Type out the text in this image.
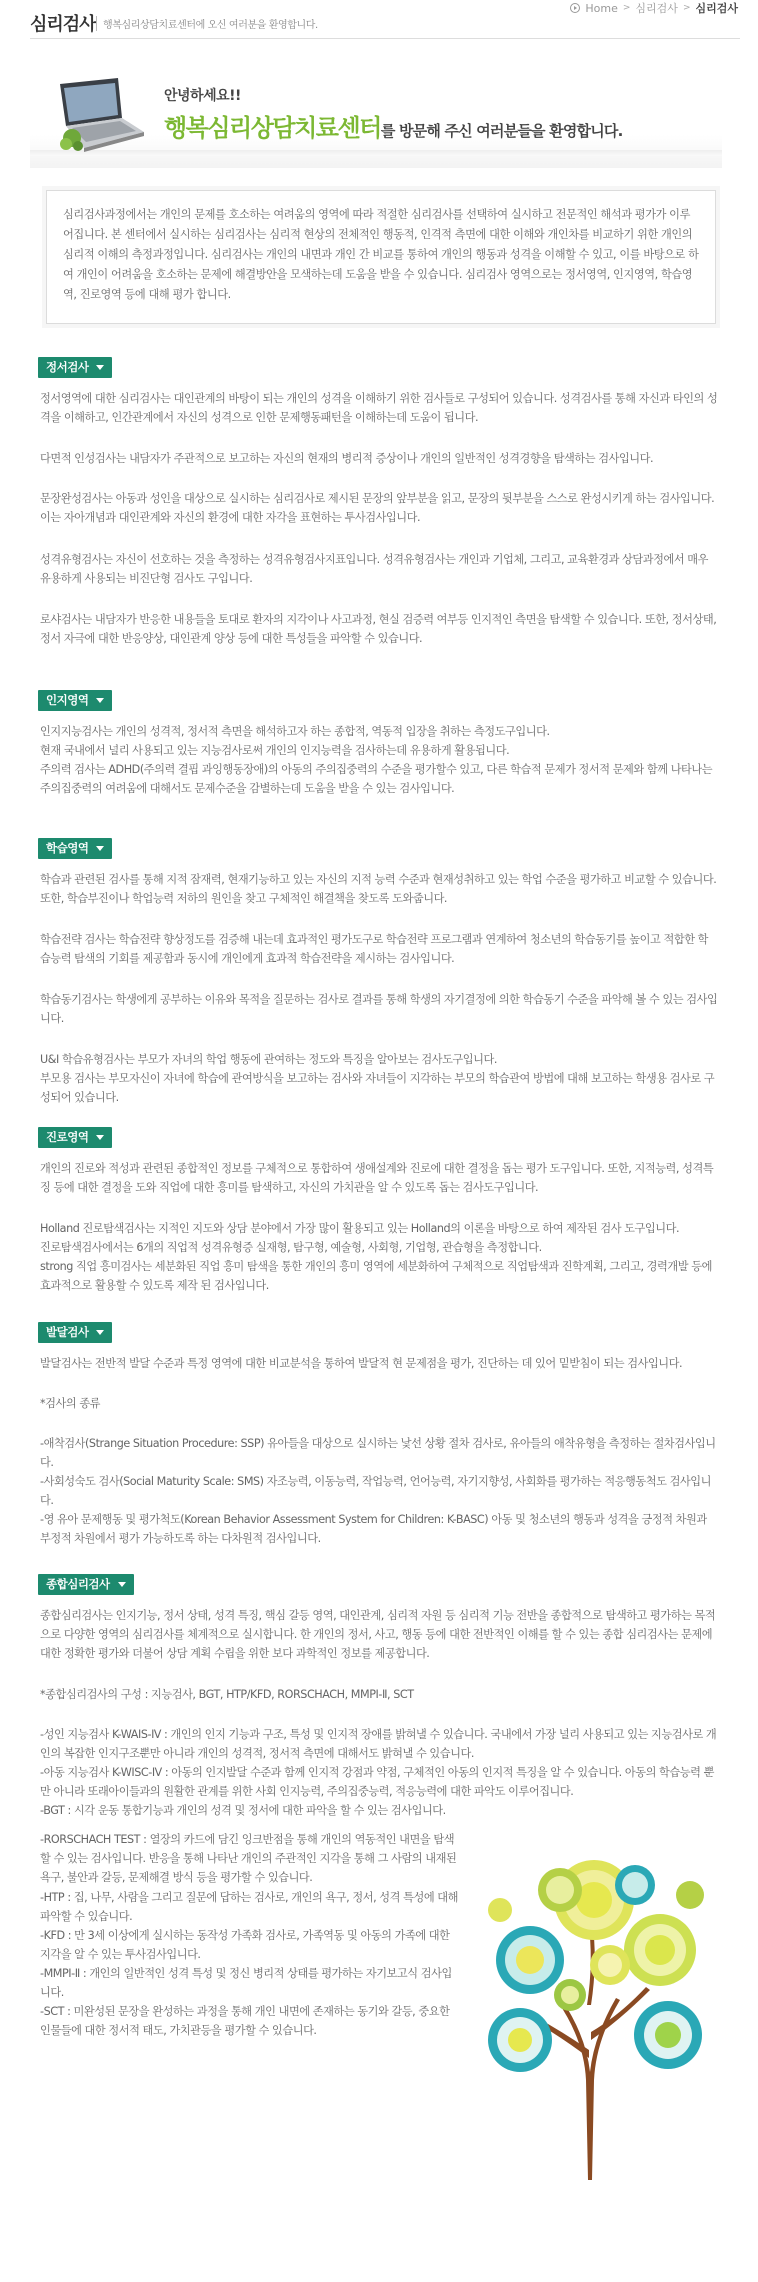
심리검사 행복심리상담치료센터에 오신 여러분을 환영합니다.
Home > 심리검사 > 심리검사
안녕하세요!!
행복심리상담치료센터를 방문해 주신 여러분들을 환영합니다.
심리검사과정에서는 개인의 문제를 호소하는 여려움의 영역에 따라 적절한 심리검사를 선택하여 실시하고 전문적인 해석과 평가가 이루어집니다. 본 센터에서 실시하는 심리검사는 심리적 현상의 전체적인 행동적, 인격적 측면에 대한 이해와 개인차를 비교하기 위한 개인의 심리적 이해의 측정과정입니다. 심리검사는 개인의 내면과 개인 간 비교를 통하여 개인의 행동과 성격을 이해할 수 있고, 이를 바탕으로 하여 개인이 어려움을 호소하는 문제에 해결방안을 모색하는데 도움을 받을 수 있습니다. 심리검사 영역으로는 정서영역, 인지영역, 학습영역, 진로영역 등에 대해 평가 합니다.
정서검사
정서영역에 대한 심리검사는 대인관계의 바탕이 되는 개인의 성격을 이해하기 위한 검사들로 구성되어 있습니다. 성격검사를 통해 자신과 타인의 성격을 이해하고, 인간관계에서 자신의 성격으로 인한 문제행동패턴을 이해하는데 도움이 됩니다.
다면적 인성검사는 내담자가 주관적으로 보고하는 자신의 현재의 병리적 증상이나 개인의 일반적인 성격경향을 탐색하는 검사입니다.
문장완성검사는 아동과 성인을 대상으로 실시하는 심리검사로 제시된 문장의 앞부분을 읽고, 문장의 뒷부분을 스스로 완성시키게 하는 검사입니다. 이는 자아개념과 대인관계와 자신의 환경에 대한 자각을 표현하는 투사검사입니다.
성격유형검사는 자신이 선호하는 것을 측정하는 성격유형검사지표입니다. 성격유형검사는 개인과 기업체, 그리고, 교육환경과 상담과정에서 매우 유용하게 사용되는 비진단형 검사도 구입니다.
로샤검사는 내담자가 반응한 내용들을 토대로 환자의 지각이나 사고과정, 현실 검증력 여부등 인지적인 측면을 탐색할 수 있습니다. 또한, 정서상태, 정서 자극에 대한 반응양상, 대인관계 양상 등에 대한 특성들을 파악할 수 있습니다.
인지영역
인지지능검사는 개인의 성격적, 정서적 측면을 해석하고자 하는 종합적, 역동적 입장을 취하는 측정도구입니다.
현재 국내에서 널리 사용되고 있는 지능검사로써 개인의 인지능력을 검사하는데 유용하게 활용됩니다.
주의력 검사는 ADHD(주의력 결핍 과잉행동장애)의 아동의 주의집중력의 수준을 평가할수 있고, 다른 학습적 문제가 정서적 문제와 함께 나타나는 주의집중력의 여려움에 대해서도 문제수준을 감별하는데 도움을 받을 수 있는 검사입니다.
학습영역
학습과 관련된 검사를 통해 지적 잠재력, 현재기능하고 있는 자신의 지적 능력 수준과 현재성취하고 있는 학업 수준을 평가하고 비교할 수 있습니다. 또한, 학습부진이나 학업능력 저하의 원인을 찾고 구체적인 해결책을 찾도록 도와줍니다.
학습전략 검사는 학습전략 향상정도를 검증해 내는데 효과적인 평가도구로 학습전략 프로그램과 연계하여 청소년의 학습동기를 높이고 적합한 학습능력 탐색의 기회를 제공함과 동시에 개인에게 효과적 학습전략을 제시하는 검사입니다.
학습동기검사는 학생에게 공부하는 이유와 목적을 질문하는 검사로 결과를 통해 학생의 자기결정에 의한 학습동기 수준을 파악해 볼 수 있는 검사입니다.
U&I 학습유형검사는 부모가 자녀의 학업 행동에 관여하는 정도와 특징을 알아보는 검사도구입니다.
부모용 검사는 부모자신이 자녀에 학습에 관여방식을 보고하는 검사와 자녀들이 지각하는 부모의 학습관여 방법에 대해 보고하는 학생용 검사로 구성되어 있습니다.
진로영역
개인의 진로와 적성과 관련된 종합적인 정보를 구체적으로 통합하여 생애설계와 진로에 대한 결정을 돕는 평가 도구입니다. 또한, 지적능력, 성격특징 등에 대한 결정을 도와 직업에 대한 흥미를 탐색하고, 자신의 가치관을 알 수 있도록 돕는 검사도구입니다.
Holland 진로탐색검사는 지적인 지도와 상담 분야에서 가장 많이 활용되고 있는 Holland의 이론을 바탕으로 하여 제작된 검사 도구입니다.
진로탐색검사에서는 6개의 직업적 성격유형증 실재형, 탐구형, 예술형, 사회형, 기업형, 관습형을 측정합니다.
strong 직업 흥미검사는 세분화된 직업 흥미 탐색을 통한 개인의 흥미 영역에 세분화하여 구체적으로 직업탐색과 진학계획, 그리고, 경력개발 등에 효과적으로 활용할 수 있도록 제작 된 검사입니다.
발달검사
발달검사는 전반적 발달 수준과 특정 영역에 대한 비교분석을 통하여 발달적 현 문제점을 평가, 진단하는 데 있어 밑받침이 되는 검사입니다.
*검사의 종류
-애착검사(Strange Situation Procedure: SSP) 유아들을 대상으로 실시하는 낯선 상황 절차 검사로, 유아들의 애착유형을 측정하는 절차검사입니다.
-사회성숙도 검사(Social Maturity Scale: SMS) 자조능력, 이동능력, 작업능력, 언어능력, 자기지향성, 사회화를 평가하는 적응행동척도 검사입니다.
-영 유아 문제행동 및 평가척도(Korean Behavior Assessment System for Children: K-BASC) 아동 및 청소년의 행동과 성격을 긍정적 차원과 부정적 차원에서 평가 가능하도록 하는 다차원적 검사입니다.
종합심리검사
종합심리검사는 인지기능, 정서 상태, 성격 특징, 핵심 갈등 영역, 대인관계, 심리적 자원 등 심리적 기능 전반을 종합적으로 탐색하고 평가하는 목적으로 다양한 영역의 심리검사를 체계적으로 실시합니다. 한 개인의 정서, 사고, 행동 등에 대한 전반적인 이해를 할 수 있는 종합 심리검사는 문제에 대한 정확한 평가와 더불어 상담 계획 수립을 위한 보다 과학적인 정보를 제공합니다.
*종합심리검사의 구성 : 지능검사, BGT, HTP/KFD, RORSCHACH, MMPI-Ⅱ, SCT
-성인 지능검사 K-WAIS-Ⅳ : 개인의 인지 기능과 구조, 특성 및 인지적 장애를 밝혀낼 수 있습니다. 국내에서 가장 널리 사용되고 있는 지능검사로 개인의 복잡한 인지구조뿐만 아니라 개인의 성격적, 정서적 측면에 대해서도 밝혀낼 수 있습니다.
-아동 지능검사 K-WISC-Ⅳ : 아동의 인지발달 수준과 함께 인지적 강점과 약점, 구체적인 아동의 인지적 특징을 알 수 있습니다. 아동의 학습능력 뿐만 아니라 또래아이들과의 원활한 관계를 위한 사회 인지능력, 주의집중능력, 적응능력에 대한 파악도 이루어집니다.
-BGT : 시각 운동 통합기능과 개인의 성격 및 정서에 대한 파악을 할 수 있는 검사입니다.
-RORSCHACH TEST : 열장의 카드에 담긴 잉크반점을 통해 개인의 역동적인 내면을 탐색할 수 있는 검사입니다. 반응을 통해 나타난 개인의 주관적인 지각을 통해 그 사람의 내재된 욕구, 불안과 갈등, 문제해결 방식 등을 평가할 수 있습니다.
-HTP : 집, 나무, 사람을 그리고 질문에 답하는 검사로, 개인의 욕구, 정서, 성격 특성에 대해 파악할 수 있습니다.
-KFD : 만 3세 이상에게 실시하는 동작성 가족화 검사로, 가족역동 및 아동의 가족에 대한 지각을 알 수 있는 투사검사입니다.
-MMPI-Ⅱ : 개인의 일반적인 성격 특성 및 정신 병리적 상태를 평가하는 자기보고식 검사입니다.
-SCT : 미완성된 문장을 완성하는 과정을 통해 개인 내면에 존재하는 동기와 갈등, 중요한 인물들에 대한 정서적 태도, 가치관등을 평가할 수 있습니다.
